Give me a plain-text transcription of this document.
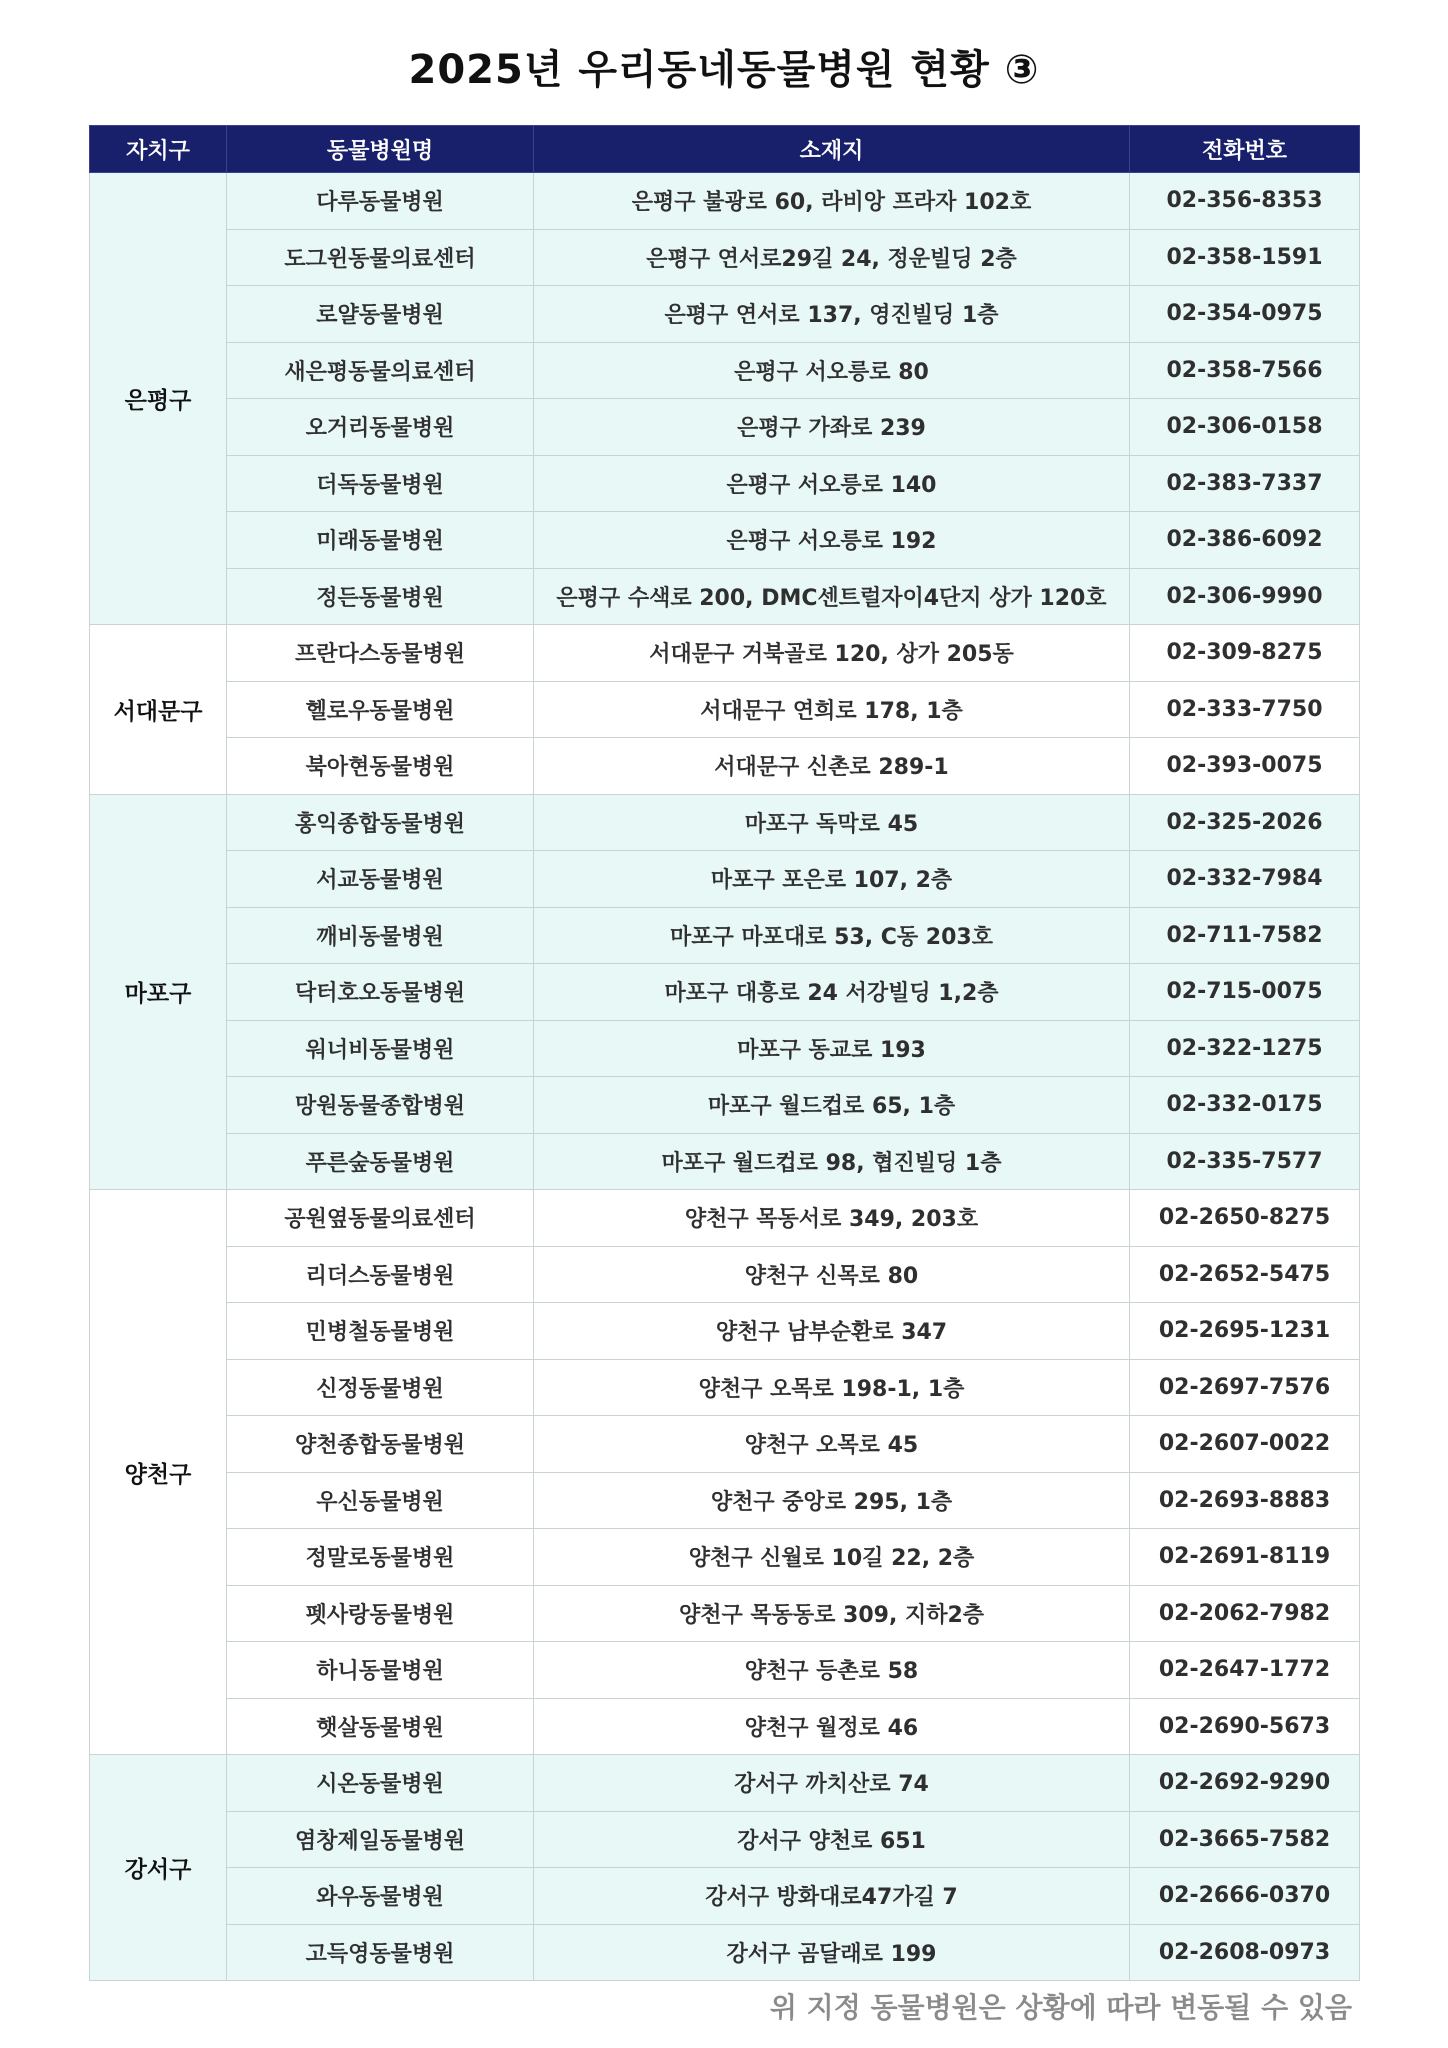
2025년 우리동네동물병원 현황 ③
자치구	동물병원명	소재지	전화번호
은평구	다루동물병원	은평구 불광로 60, 라비앙 프라자 102호	02-356-8353
	도그윈동물의료센터	은평구 연서로29길 24, 정운빌딩 2층	02-358-1591
	로얄동물병원	은평구 연서로 137, 영진빌딩 1층	02-354-0975
	새은평동물의료센터	은평구 서오릉로 80	02-358-7566
	오거리동물병원	은평구 가좌로 239	02-306-0158
	더독동물병원	은평구 서오릉로 140	02-383-7337
	미래동물병원	은평구 서오릉로 192	02-386-6092
	정든동물병원	은평구 수색로 200, DMC센트럴자이4단지 상가 120호	02-306-9990
서대문구	프란다스동물병원	서대문구 거북골로 120, 상가 205동	02-309-8275
	헬로우동물병원	서대문구 연희로 178, 1층	02-333-7750
	북아현동물병원	서대문구 신촌로 289-1	02-393-0075
마포구	홍익종합동물병원	마포구 독막로 45	02-325-2026
	서교동물병원	마포구 포은로 107, 2층	02-332-7984
	깨비동물병원	마포구 마포대로 53, C동 203호	02-711-7582
	닥터호오동물병원	마포구 대흥로 24 서강빌딩 1,2층	02-715-0075
	워너비동물병원	마포구 동교로 193	02-322-1275
	망원동물종합병원	마포구 월드컵로 65, 1층	02-332-0175
	푸른숲동물병원	마포구 월드컵로 98, 협진빌딩 1층	02-335-7577
양천구	공원옆동물의료센터	양천구 목동서로 349, 203호	02-2650-8275
	리더스동물병원	양천구 신목로 80	02-2652-5475
	민병철동물병원	양천구 남부순환로 347	02-2695-1231
	신정동물병원	양천구 오목로 198-1, 1층	02-2697-7576
	양천종합동물병원	양천구 오목로 45	02-2607-0022
	우신동물병원	양천구 중앙로 295, 1층	02-2693-8883
	정말로동물병원	양천구 신월로 10길 22, 2층	02-2691-8119
	펫사랑동물병원	양천구 목동동로 309, 지하2층	02-2062-7982
	하니동물병원	양천구 등촌로 58	02-2647-1772
	햇살동물병원	양천구 월정로 46	02-2690-5673
강서구	시온동물병원	강서구 까치산로 74	02-2692-9290
	염창제일동물병원	강서구 양천로 651	02-3665-7582
	와우동물병원	강서구 방화대로47가길 7	02-2666-0370
	고득영동물병원	강서구 곰달래로 199	02-2608-0973
위 지정 동물병원은 상황에 따라 변동될 수 있음
